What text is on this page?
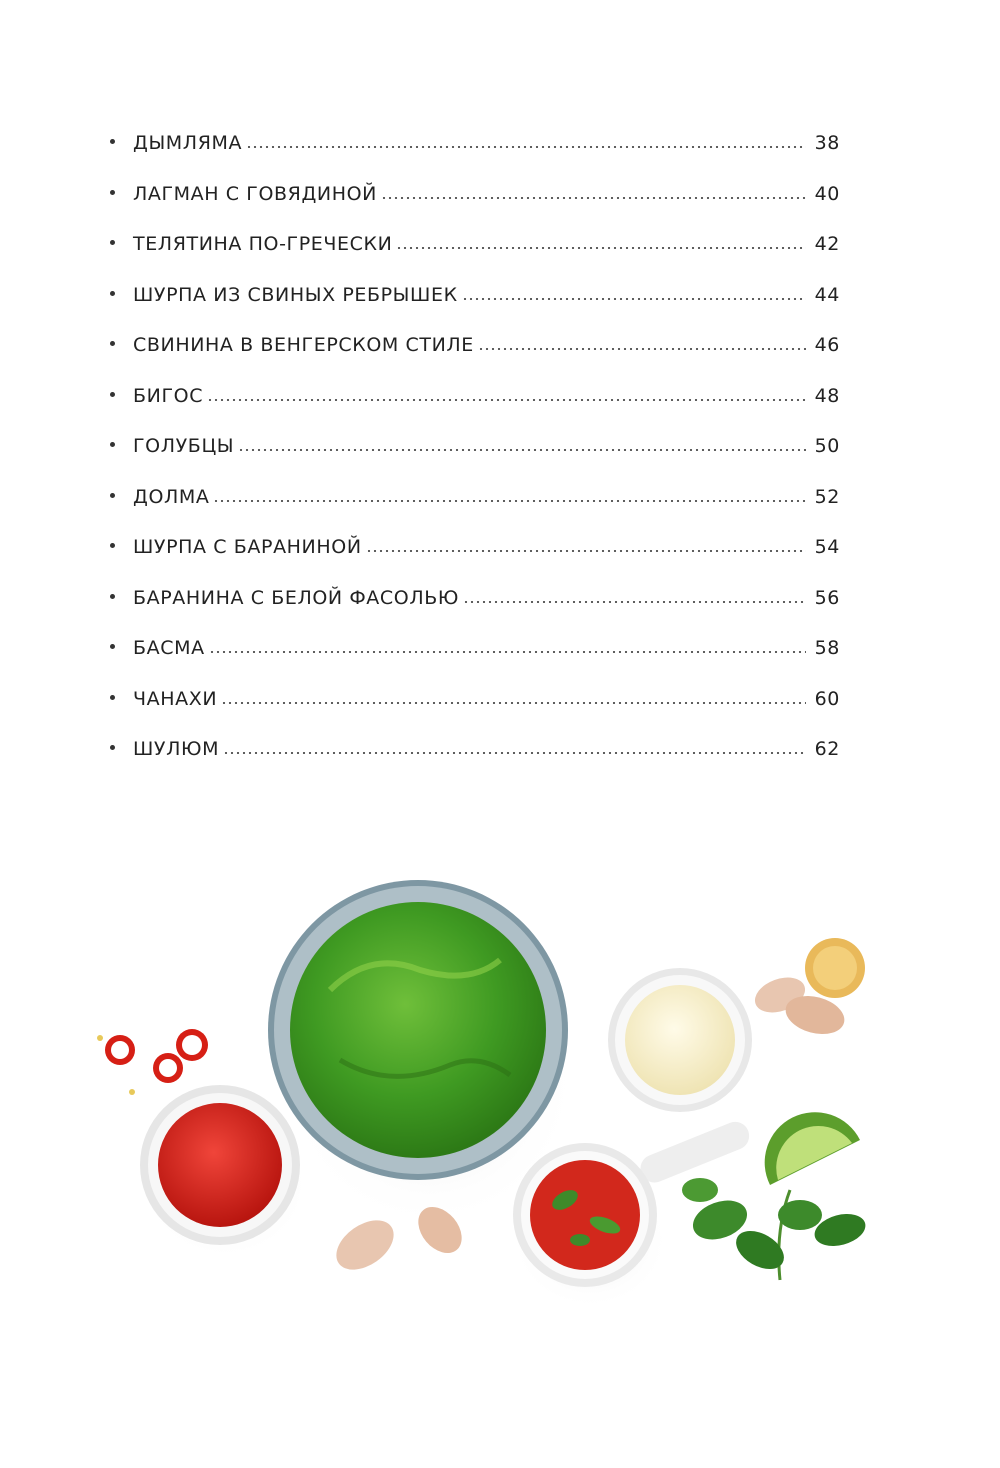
ДЫМЛЯМА	38
ЛАГМАН С ГОВЯДИНОЙ	40
ТЕЛЯТИНА ПО-ГРЕЧЕСКИ	42
ШУРПА ИЗ СВИНЫХ РЕБРЫШЕК	44
СВИНИНА В ВЕНГЕРСКОМ СТИЛЕ	46
БИГОС	48
ГОЛУБЦЫ	50
ДОЛМА	52
ШУРПА С БАРАНИНОЙ	54
БАРАНИНА С БЕЛОЙ ФАСОЛЬЮ	56
БАСМА	58
ЧАНАХИ	60
ШУЛЮМ	62
